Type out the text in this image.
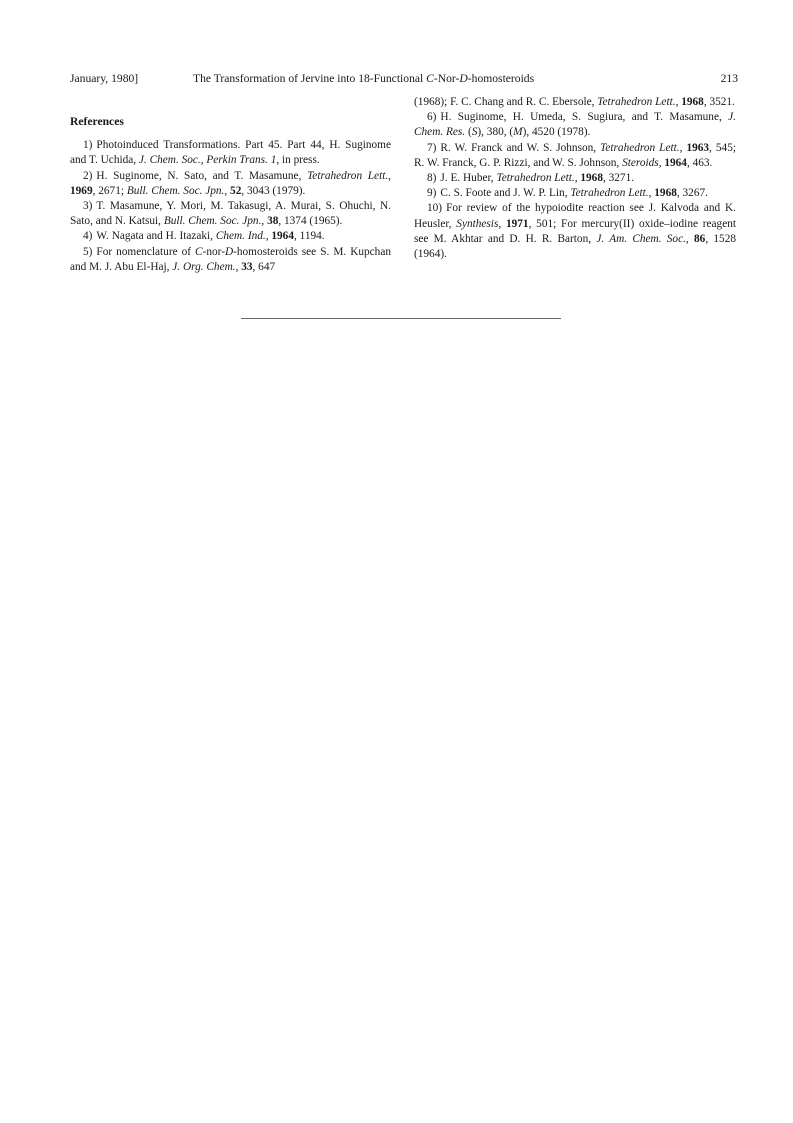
January, 1980]	The Transformation of Jervine into 18-Functional C-Nor-D-homosteroids	213
References

1) Photoinduced Transformations. Part 45. Part 44, H. Suginome and T. Uchida, J. Chem. Soc., Perkin Trans. 1, in press.

2) H. Suginome, N. Sato, and T. Masamune, Tetrahedron Lett., 1969, 2671; Bull. Chem. Soc. Jpn., 52, 3043 (1979).

3) T. Masamune, Y. Mori, M. Takasugi, A. Murai, S. Ohuchi, N. Sato, and N. Katsui, Bull. Chem. Soc. Jpn., 38, 1374 (1965).

4) W. Nagata and H. Itazaki, Chem. Ind., 1964, 1194.

5) For nomenclature of C-nor-D-homosteroids see S. M. Kupchan and M. J. Abu El-Haj, J. Org. Chem., 33, 647

(1968); F. C. Chang and R. C. Ebersole, Tetrahedron Lett., 1968, 3521.

6) H. Suginome, H. Umeda, S. Sugiura, and T. Masamune, J. Chem. Res. (S), 380, (M), 4520 (1978).

7) R. W. Franck and W. S. Johnson, Tetrahedron Lett., 1963, 545; R. W. Franck, G. P. Rizzi, and W. S. Johnson, Steroids, 1964, 463.

8) J. E. Huber, Tetrahedron Lett., 1968, 3271.

9) C. S. Foote and J. W. P. Lin, Tetrahedron Lett., 1968, 3267.

10) For review of the hypoiodite reaction see J. Kalvoda and K. Heusler, Synthesis, 1971, 501; For mercury(II) oxide–iodine reagent see M. Akhtar and D. H. R. Barton, J. Am. Chem. Soc., 86, 1528 (1964).
